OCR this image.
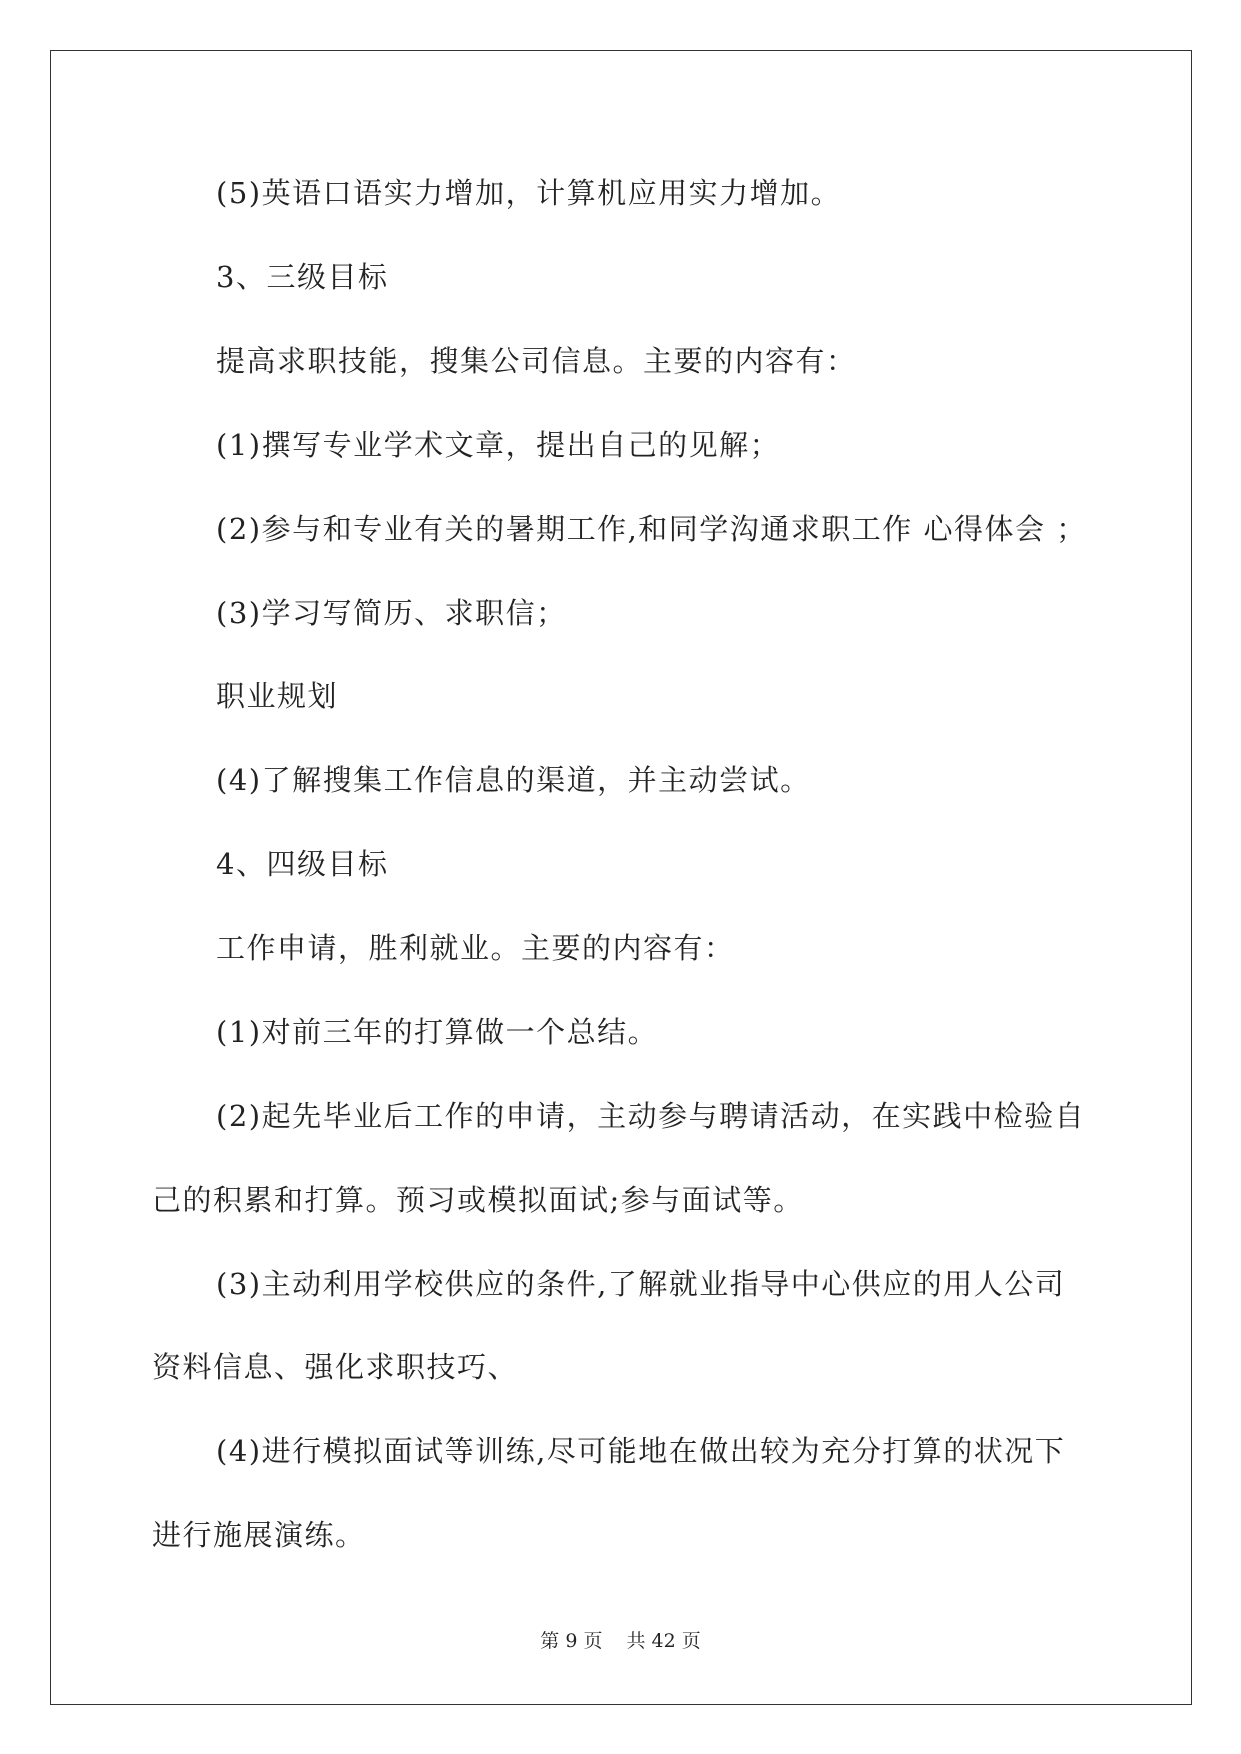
(5)英语口语实力增加，计算机应用实力增加。
3、三级目标
提高求职技能，搜集公司信息。主要的内容有：
(1)撰写专业学术文章，提出自己的见解；
(2)参与和专业有关的暑期工作,和同学沟通求职工作 心得体会 ；
(3)学习写简历、求职信；
职业规划
(4)了解搜集工作信息的渠道，并主动尝试。
4、四级目标
工作申请，胜利就业。主要的内容有：
(1)对前三年的打算做一个总结。
(2)起先毕业后工作的申请，主动参与聘请活动，在实践中检验自
己的积累和打算。预习或模拟面试;参与面试等。
(3)主动利用学校供应的条件,了解就业指导中心供应的用人公司
资料信息、强化求职技巧、
(4)进行模拟面试等训练,尽可能地在做出较为充分打算的状况下
进行施展演练。
第 9 页 共 42 页
